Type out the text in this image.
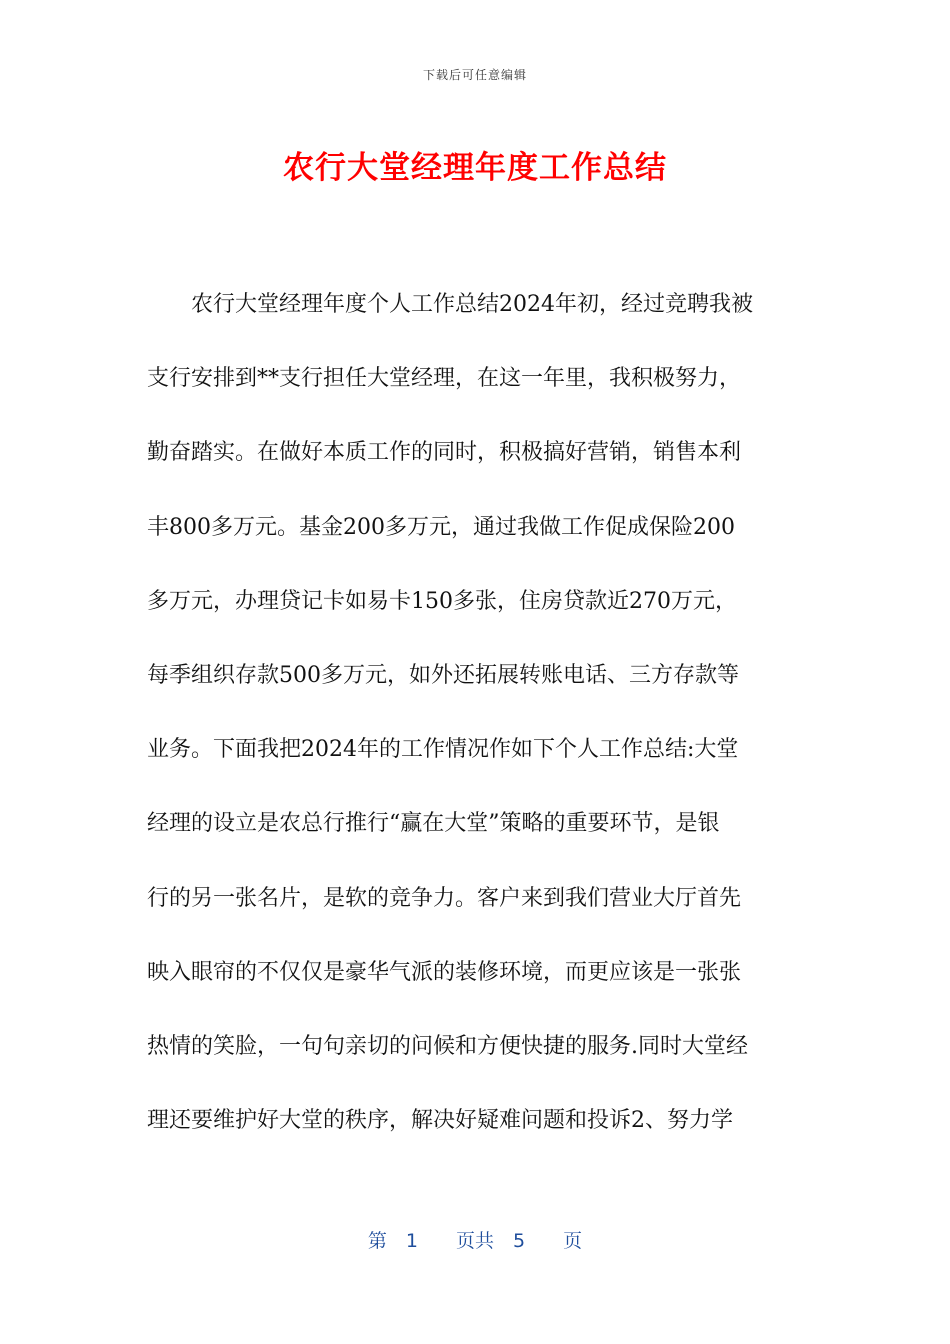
下载后可任意编辑
农行大堂经理年度工作总结
　　农行大堂经理年度个人工作总结2024年初，经过竞聘我被
支行安排到**支行担任大堂经理，在这一年里，我积极努力，
勤奋踏实。在做好本质工作的同时，积极搞好营销，销售本利
丰800多万元。基金200多万元，通过我做工作促成保险200
多万元，办理贷记卡如易卡150多张，住房贷款近270万元，
每季组织存款500多万元，如外还拓展转账电话、三方存款等
业务。下面我把2024年的工作情况作如下个人工作总结:大堂
经理的设立是农总行推行“赢在大堂”策略的重要环节，是银
行的另一张名片，是软的竞争力。客户来到我们营业大厅首先
映入眼帘的不仅仅是豪华气派的装修环境，而更应该是一张张
热情的笑脸，一句句亲切的问候和方便快捷的服务.同时大堂经
理还要维护好大堂的秩序，解决好疑难问题和投诉2、努力学
第　1　　页共　5　　页
